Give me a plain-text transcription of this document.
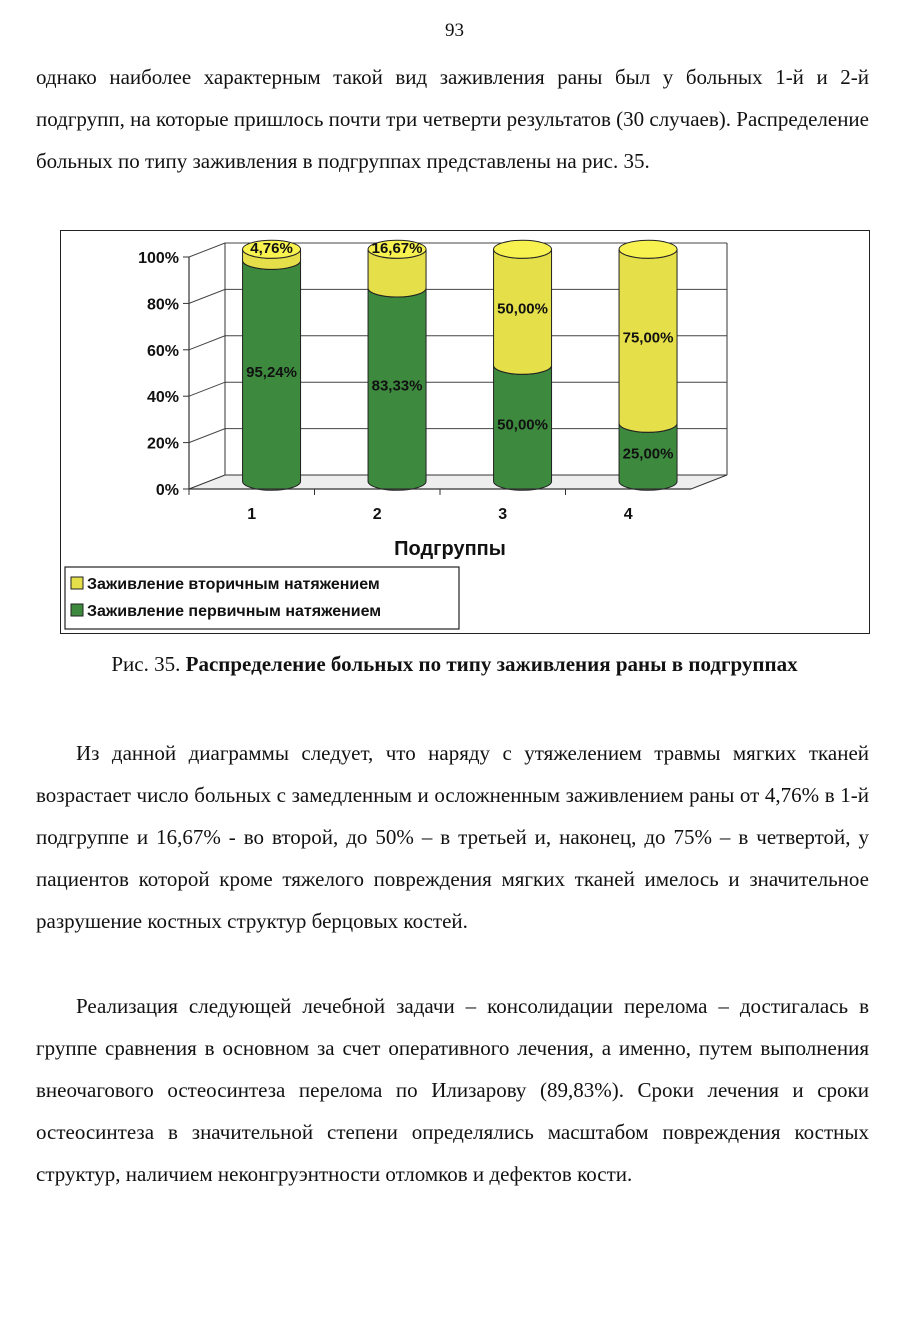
93

однако наиболее характерным такой вид заживления раны был у больных 1-й и 2-й подгрупп, на которые пришлось почти три четверти результатов (30 случаев). Распределение больных по типу заживления в подгруппах представлены на рис. 35.

0%
20%
40%
60%
80%
100%
95,24%
4,76%
1
83,33%
16,67%
2
50,00%
50,00%
3
25,00%
75,00%
4
Подгруппы
Заживление вторичным натяжением
Заживление первичным натяжением
Рис. 35. Распределение больных по типу заживления раны в подгруппах

Из данной диаграммы следует, что наряду с утяжелением травмы мягких тканей возрастает число больных с замедленным и осложненным заживлением раны от 4,76% в 1-й подгруппе и 16,67% - во второй, до 50% – в третьей и, наконец, до 75% – в четвертой, у пациентов которой кроме тяжелого повреждения мягких тканей имелось и значительное разрушение костных структур берцовых костей.

Реализация следующей лечебной задачи – консолидации перелома – достигалась в группе сравнения в основном за счет оперативного лечения, а именно, путем выполнения внеочагового остеосинтеза перелома по Илизарову (89,83%). Сроки лечения и сроки остеосинтеза в значительной степени определялись масштабом повреждения костных структур, наличием неконгруэнтности отломков и дефектов кости.
